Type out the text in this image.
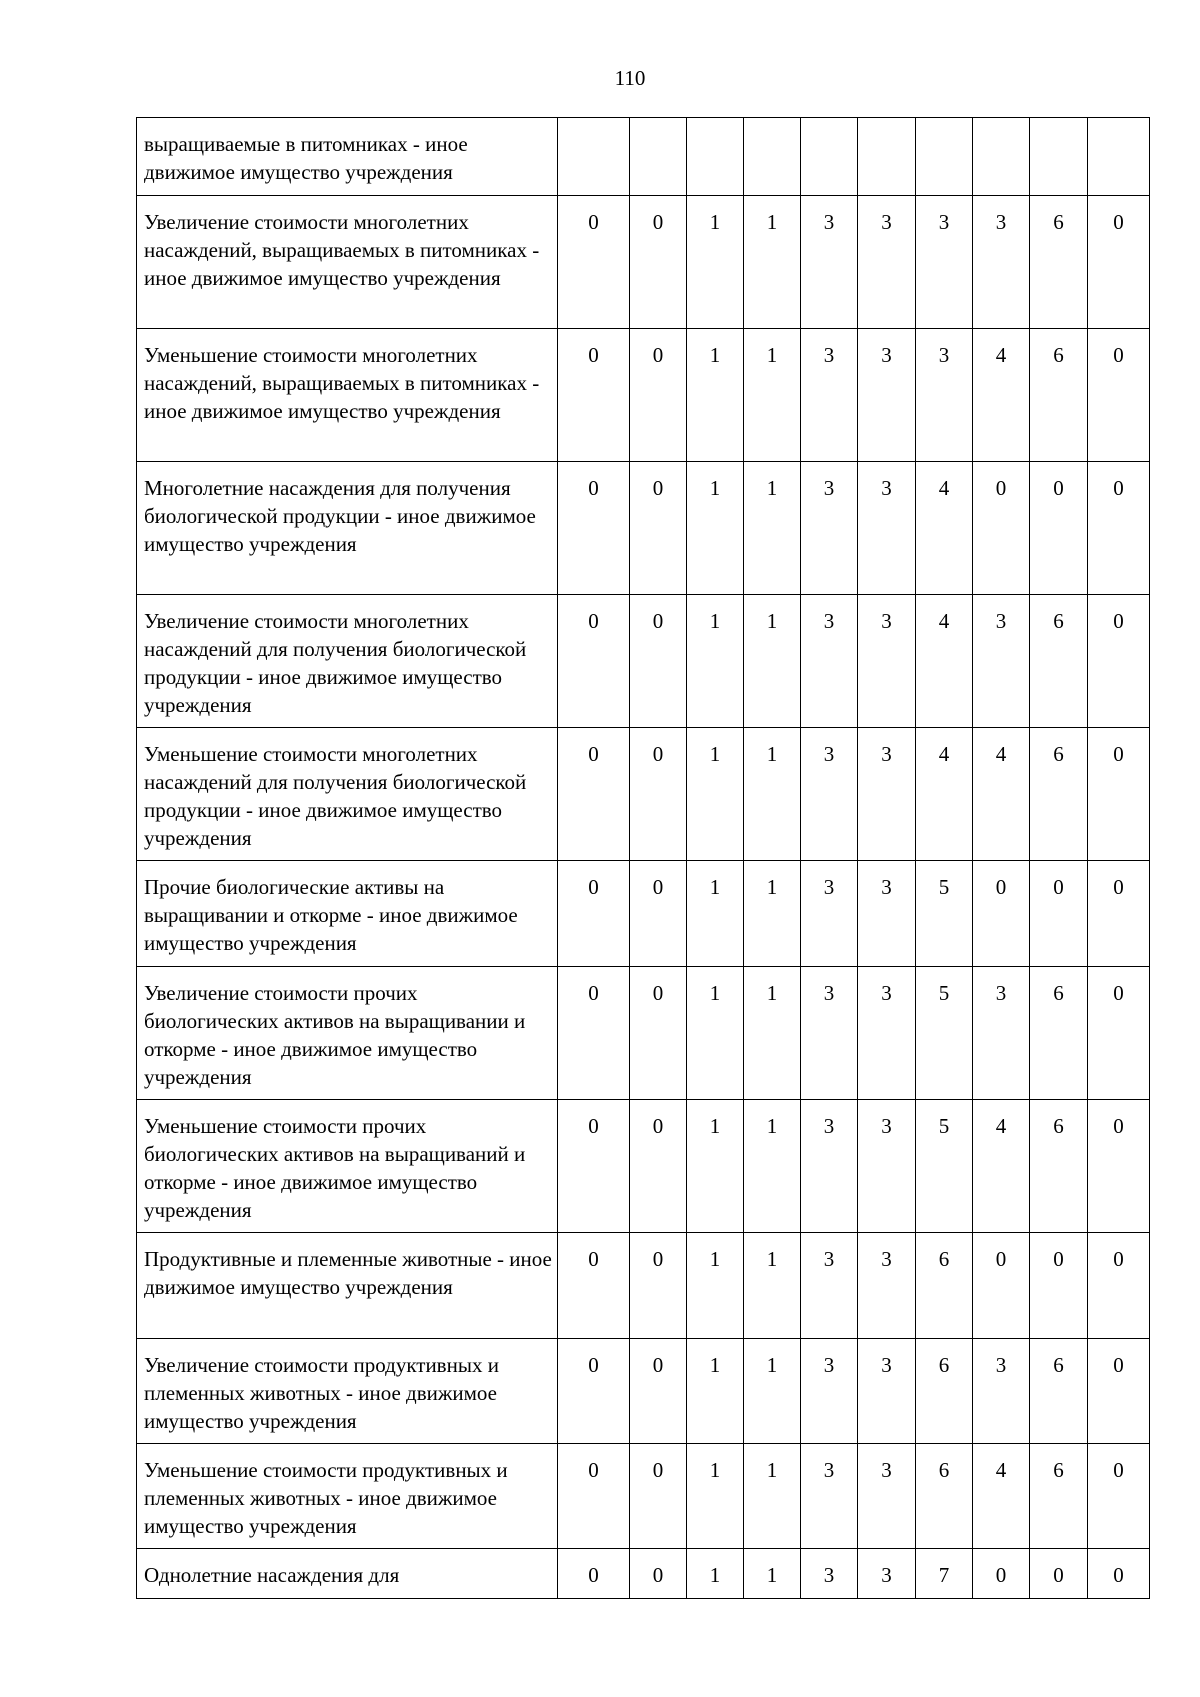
110
выращиваемые в питомниках - иное движимое имущество учреждения										
Увеличение стоимости многолетних насаждений, выращиваемых в питомниках - иное движимое имущество учреждения	0	0	1	1	3	3	3	3	6	0
Уменьшение стоимости многолетних насаждений, выращиваемых в питомниках - иное движимое имущество учреждения	0	0	1	1	3	3	3	4	6	0
Многолетние насаждения для получения биологической продукции - иное движимое имущество учреждения	0	0	1	1	3	3	4	0	0	0
Увеличение стоимости многолетних насаждений для получения биологической продукции - иное движимое имущество учреждения	0	0	1	1	3	3	4	3	6	0
Уменьшение стоимости многолетних насаждений для получения биологической продукции - иное движимое имущество учреждения	0	0	1	1	3	3	4	4	6	0
Прочие биологические активы на выращивании и откорме - иное движимое имущество учреждения	0	0	1	1	3	3	5	0	0	0
Увеличение стоимости прочих биологических активов на выращивании и откорме - иное движимое имущество учреждения	0	0	1	1	3	3	5	3	6	0
Уменьшение стоимости прочих биологических активов на выращиваний и откорме - иное движимое имущество учреждения	0	0	1	1	3	3	5	4	6	0
Продуктивные и племенные животные - иное движимое имущество учреждения	0	0	1	1	3	3	6	0	0	0
Увеличение стоимости продуктивных и племенных животных - иное движимое имущество учреждения	0	0	1	1	3	3	6	3	6	0
Уменьшение стоимости продуктивных и племенных животных - иное движимое имущество учреждения	0	0	1	1	3	3	6	4	6	0
Однолетние насаждения для	0	0	1	1	3	3	7	0	0	0
